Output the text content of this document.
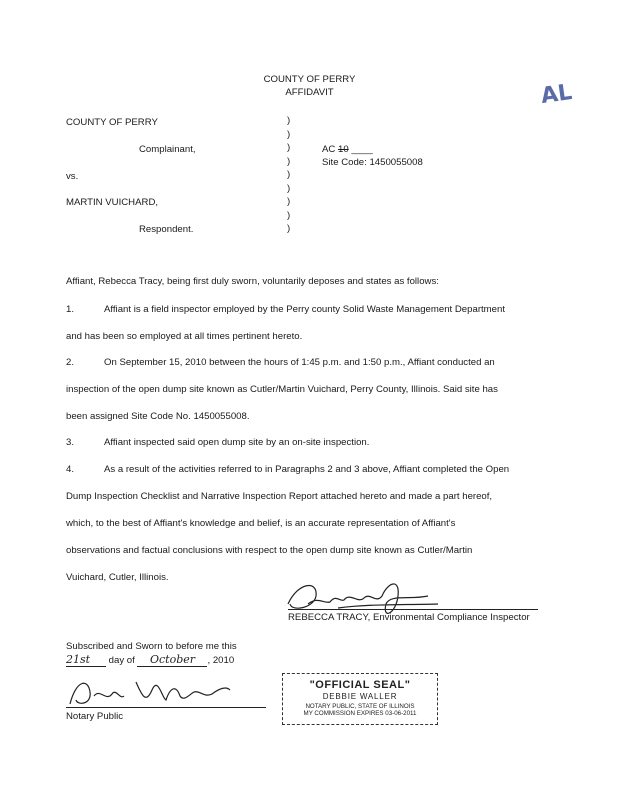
COUNTY OF PERRY
AFFIDAVIT	AL
COUNTY OF PERRY
Complainant,
vs.
MARTIN VUICHARD,
Respondent.
)
)
)
)
)
)
)
)
)
AC 10 ____
Site Code: 1450055008
Affiant, Rebecca Tracy, being first duly sworn, voluntarily deposes and states as follows:
1.	Affiant is a field inspector employed by the Perry county Solid Waste Management Department
and has been so employed at all times pertinent hereto.
2.	On September 15, 2010 between the hours of 1:45 p.m. and 1:50 p.m., Affiant conducted an
inspection of the open dump site known as Cutler/Martin Vuichard, Perry County, Illinois. Said site has
been assigned Site Code No. 1450055008.
3.	Affiant inspected said open dump site by an on-site inspection.
4.	As a result of the activities referred to in Paragraphs 2 and 3 above, Affiant completed the Open
Dump Inspection Checklist and Narrative Inspection Report attached hereto and made a part hereof,
which, to the best of Affiant's knowledge and belief, is an accurate representation of Affiant's
observations and factual conclusions with respect to the open dump site known as Cutler/Martin
Vuichard, Cutler, Illinois.
REBECCA TRACY, Environmental Compliance Inspector
Subscribed and Sworn to before me this
21st day of October , 2010
Notary Public
"OFFICIAL SEAL"
DEBBIE WALLER
NOTARY PUBLIC, STATE OF ILLINOIS
MY COMMISSION EXPIRES 03-06-2011
